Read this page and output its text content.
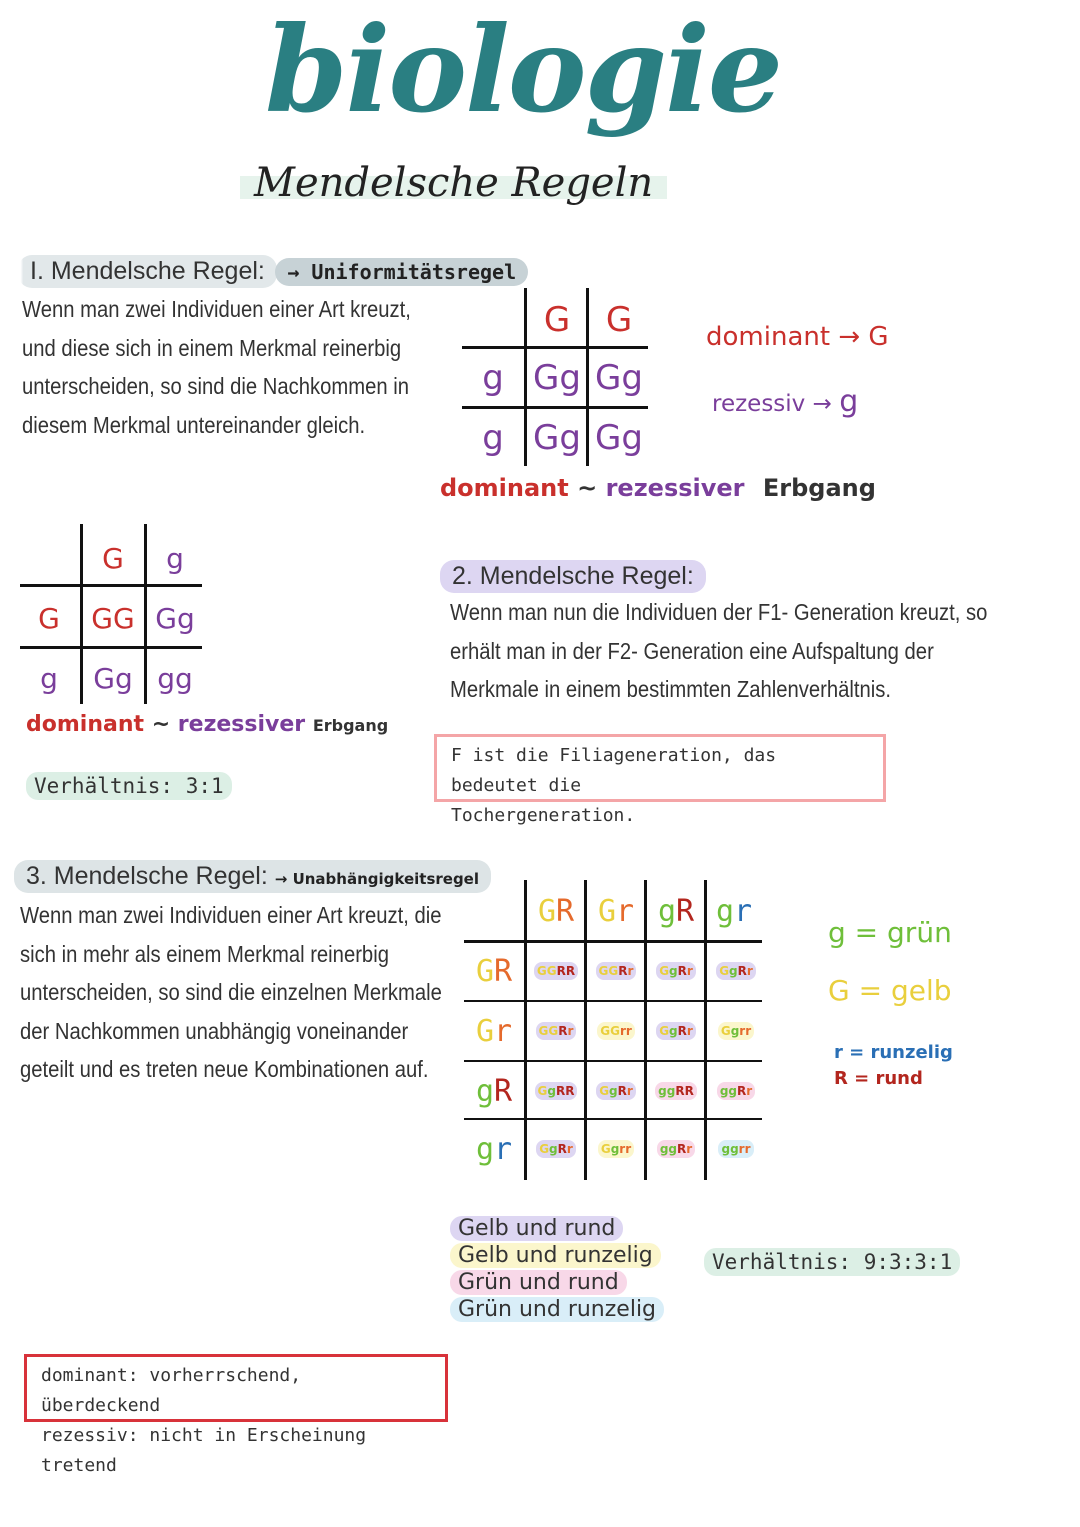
biologie
Mendelsche Regeln
I. Mendelsche Regel: → Uniformitätsregel
Wenn man zwei Individuen einer Art kreuzt,
und diese sich in einem Merkmal reinerbig
unterscheiden, so sind die Nachkommen in
diesem Merkmal untereinander gleich.
G	G
g
g
Gg Gg
Gg Gg
dominant ~ rezessiver Erbgang
dominant → G
rezessiv → g
G	g
G
g
GG Gg
Gg gg
dominant ~ rezessiver Erbgang
Verhältnis: 3:1
2. Mendelsche Regel:
Wenn man nun die Individuen der F1- Generation kreuzt, so
erhält man in der F2- Generation eine Aufspaltung der
Merkmale in einem bestimmten Zahlenverhältnis.
F ist die Filiageneration, das bedeutet die
Tochergeneration.
3. Mendelsche Regel: → Unabhängigkeitsregel
Wenn man zwei Individuen einer Art kreuzt, die
sich in mehr als einem Merkmal reinerbig
unterscheiden, so sind die einzelnen Merkmale
der Nachkommen unabhängig voneinander
geteilt und es treten neue Kombinationen auf.
G R G r g R g r
G R
G r
g R
g r
GGRR GGRr GgRr GgRr
GGRr GGrr GgRr Ggrr
GgRR GgRr ggRR ggRr
GgRr Ggrr ggRr ggrr
g = grün
G = gelb
r = runzelig
R = rund
Gelb und rund
Gelb und runzelig
Grün und rund
Grün und runzelig
Verhältnis: 9:3:3:1
dominant: vorherrschend, überdeckend
rezessiv: nicht in Erscheinung tretend
